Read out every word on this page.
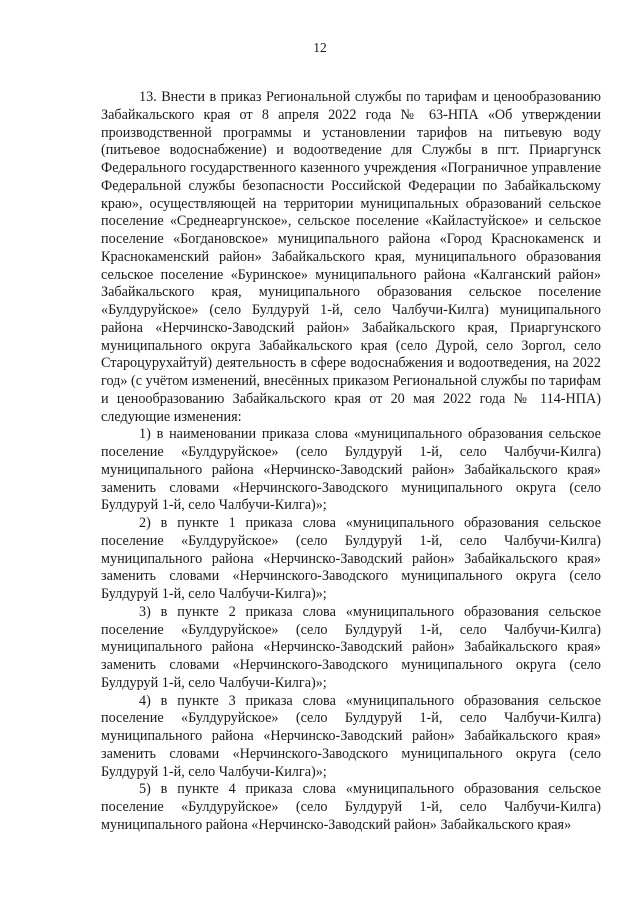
12

13. Внести в приказ Региональной службы по тарифам и ценообразованию Забайкальского края от 8 апреля 2022 года № 63-НПА «Об утверждении производственной программы и установлении тарифов на питьевую воду (питьевое водоснабжение) и водоотведение для Службы в пгт. Приаргунск Федерального государственного казенного учреждения «Пограничное управление Федеральной службы безопасности Российской Федерации по Забайкальскому краю», осуществляющей на территории муниципальных образований сельское поселение «Среднеаргунское», сельское поселение «Кайластуйское» и сельское поселение «Богдановское» муниципального района «Город Краснокаменск и Краснокаменский район» Забайкальского края, муниципального образования сельское поселение «Буринское» муниципального района «Калганский район» Забайкальского края, муниципального образования сельское поселение «Булдуруйское» (село Булдуруй 1-й, село Чалбучи-Килга) муниципального района «Нерчинско-Заводский район» Забайкальского края, Приаргунского муниципального округа Забайкальского края (село Дурой, село Зоргол, село Староцурухайтуй) деятельность в сфере водоснабжения и водоотведения, на 2022 год» (с учётом изменений, внесённых приказом Региональной службы по тарифам и ценообразованию Забайкальского края от 20 мая 2022 года № 114-НПА) следующие изменения:

1) в наименовании приказа слова «муниципального образования сельское поселение «Булдуруйское» (село Булдуруй 1-й, село Чалбучи-Килга) муниципального района «Нерчинско-Заводский район» Забайкальского края» заменить словами «Нерчинского-Заводского муниципального округа (село Булдуруй 1-й, село Чалбучи-Килга)»;

2) в пункте 1 приказа слова «муниципального образования сельское поселение «Булдуруйское» (село Булдуруй 1-й, село Чалбучи-Килга) муниципального района «Нерчинско-Заводский район» Забайкальского края» заменить словами «Нерчинского-Заводского муниципального округа (село Булдуруй 1-й, село Чалбучи-Килга)»;

3) в пункте 2 приказа слова «муниципального образования сельское поселение «Булдуруйское» (село Булдуруй 1-й, село Чалбучи-Килга) муниципального района «Нерчинско-Заводский район» Забайкальского края» заменить словами «Нерчинского-Заводского муниципального округа (село Булдуруй 1-й, село Чалбучи-Килга)»;

4) в пункте 3 приказа слова «муниципального образования сельское поселение «Булдуруйское» (село Булдуруй 1-й, село Чалбучи-Килга) муниципального района «Нерчинско-Заводский район» Забайкальского края» заменить словами «Нерчинского-Заводского муниципального округа (село Булдуруй 1-й, село Чалбучи-Килга)»;

5) в пункте 4 приказа слова «муниципального образования сельское поселение «Булдуруйское» (село Булдуруй 1-й, село Чалбучи-Килга) муниципального района «Нерчинско-Заводский район» Забайкальского края»
